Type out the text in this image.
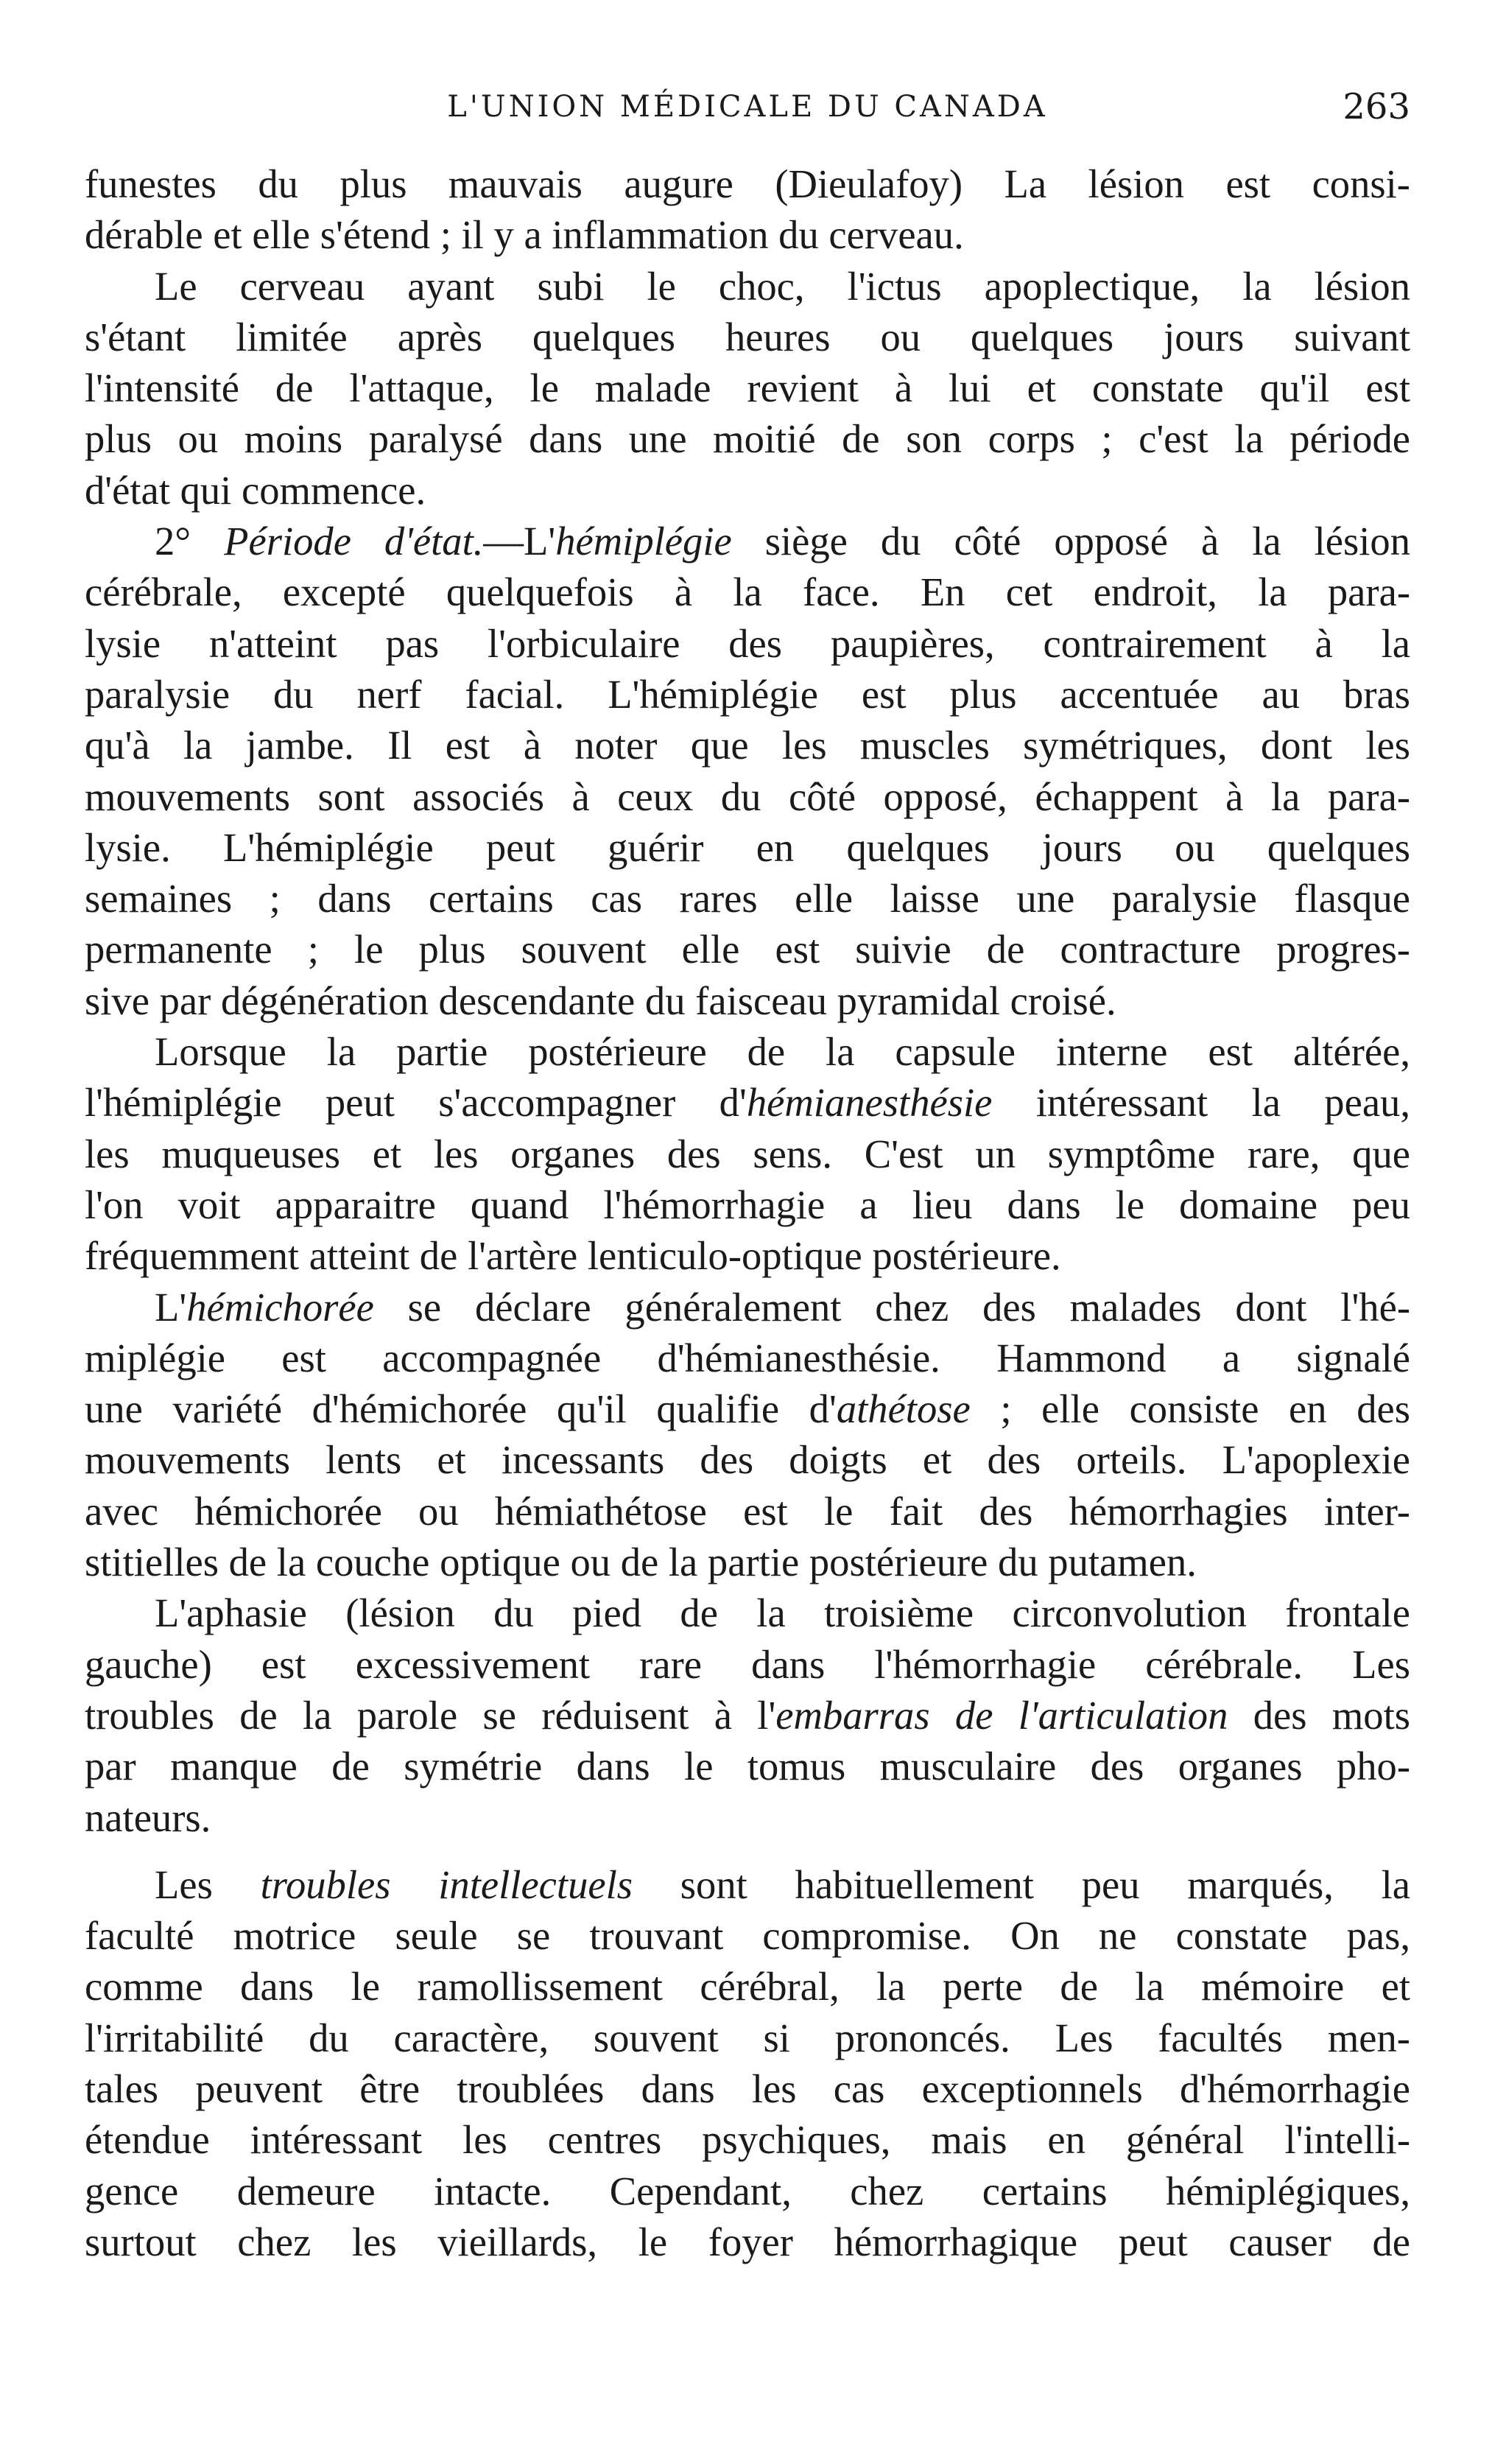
L'UNION MÉDICALE DU CANADA	263
funestes du plus mauvais augure (Dieulafoy) La lésion est consi-
dérable et elle s'étend ; il y a inflammation du cerveau.
Le cerveau ayant subi le choc, l'ictus apoplectique, la lésion
s'étant limitée après quelques heures ou quelques jours suivant
l'intensité de l'attaque, le malade revient à lui et constate qu'il est
plus ou moins paralysé dans une moitié de son corps ; c'est la période
d'état qui commence.
2° Période d'état.—L'hémiplégie siège du côté opposé à la lésion
cérébrale, excepté quelquefois à la face. En cet endroit, la para-
lysie n'atteint pas l'orbiculaire des paupières, contrairement à la
paralysie du nerf facial. L'hémiplégie est plus accentuée au bras
qu'à la jambe. Il est à noter que les muscles symétriques, dont les
mouvements sont associés à ceux du côté opposé, échappent à la para-
lysie. L'hémiplégie peut guérir en quelques jours ou quelques
semaines ; dans certains cas rares elle laisse une paralysie flasque
permanente ; le plus souvent elle est suivie de contracture progres-
sive par dégénération descendante du faisceau pyramidal croisé.
Lorsque la partie postérieure de la capsule interne est altérée,
l'hémiplégie peut s'accompagner d'hémianesthésie intéressant la peau,
les muqueuses et les organes des sens. C'est un symptôme rare, que
l'on voit apparaitre quand l'hémorrhagie a lieu dans le domaine peu
fréquemment atteint de l'artère lenticulo-optique postérieure.
L'hémichorée se déclare généralement chez des malades dont l'hé-
miplégie est accompagnée d'hémianesthésie. Hammond a signalé
une variété d'hémichorée qu'il qualifie d'athétose ; elle consiste en des
mouvements lents et incessants des doigts et des orteils. L'apoplexie
avec hémichorée ou hémiathétose est le fait des hémorrhagies inter-
stitielles de la couche optique ou de la partie postérieure du putamen.
L'aphasie (lésion du pied de la troisième circonvolution frontale
gauche) est excessivement rare dans l'hémorrhagie cérébrale. Les
troubles de la parole se réduisent à l'embarras de l'articulation des mots
par manque de symétrie dans le tomus musculaire des organes pho-
nateurs.
Les troubles intellectuels sont habituellement peu marqués, la
faculté motrice seule se trouvant compromise. On ne constate pas,
comme dans le ramollissement cérébral, la perte de la mémoire et
l'irritabilité du caractère, souvent si prononcés. Les facultés men-
tales peuvent être troublées dans les cas exceptionnels d'hémorrhagie
étendue intéressant les centres psychiques, mais en général l'intelli-
gence demeure intacte. Cependant, chez certains hémiplégiques,
surtout chez les vieillards, le foyer hémorrhagique peut causer de
